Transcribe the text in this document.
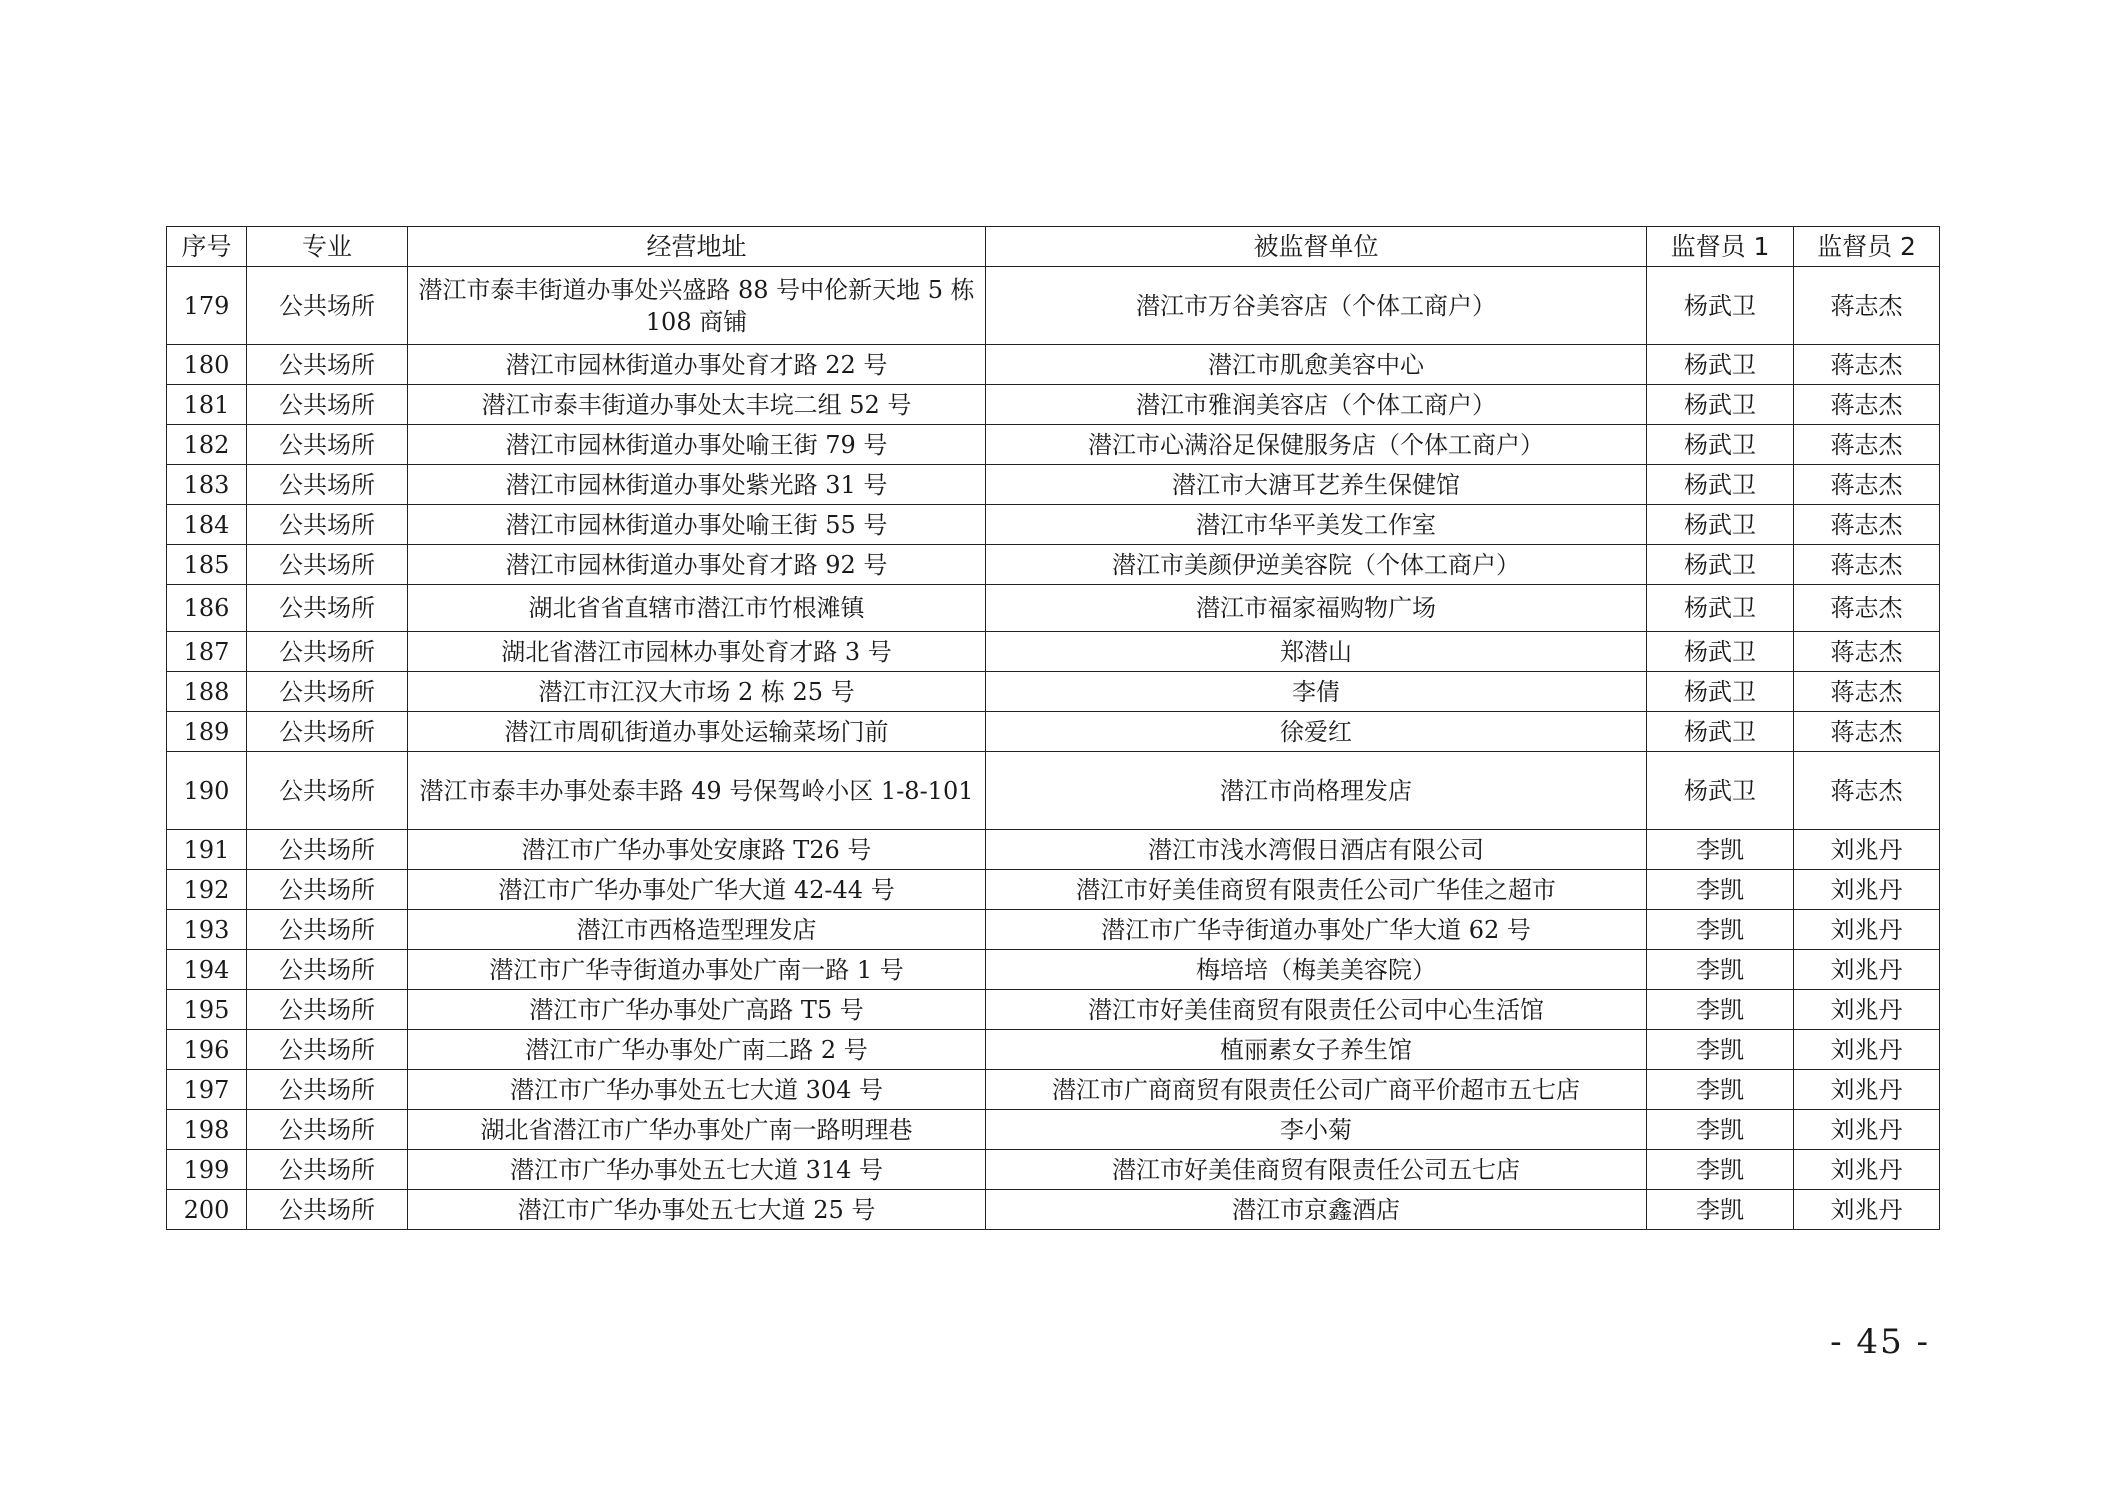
序号	专业	经营地址	被监督单位	监督员 1	监督员 2
179	公共场所	潜江市泰丰街道办事处兴盛路 88 号中伦新天地 5 栋 108 商铺	潜江市万谷美容店（个体工商户）	杨武卫	蒋志杰
180	公共场所	潜江市园林街道办事处育才路 22 号	潜江市肌愈美容中心	杨武卫	蒋志杰
181	公共场所	潜江市泰丰街道办事处太丰垸二组 52 号	潜江市雅润美容店（个体工商户）	杨武卫	蒋志杰
182	公共场所	潜江市园林街道办事处喻王街 79 号	潜江市心满浴足保健服务店（个体工商户）	杨武卫	蒋志杰
183	公共场所	潜江市园林街道办事处紫光路 31 号	潜江市大溏耳艺养生保健馆	杨武卫	蒋志杰
184	公共场所	潜江市园林街道办事处喻王街 55 号	潜江市华平美发工作室	杨武卫	蒋志杰
185	公共场所	潜江市园林街道办事处育才路 92 号	潜江市美颜伊逆美容院（个体工商户）	杨武卫	蒋志杰
186	公共场所	湖北省省直辖市潜江市竹根滩镇	潜江市福家福购物广场	杨武卫	蒋志杰
187	公共场所	湖北省潜江市园林办事处育才路 3 号	郑潜山	杨武卫	蒋志杰
188	公共场所	潜江市江汉大市场 2 栋 25 号	李倩	杨武卫	蒋志杰
189	公共场所	潜江市周矶街道办事处运输菜场门前	徐爱红	杨武卫	蒋志杰
190	公共场所	潜江市泰丰办事处泰丰路 49 号保驾岭小区 1-8-101	潜江市尚格理发店	杨武卫	蒋志杰
191	公共场所	潜江市广华办事处安康路 T26 号	潜江市浅水湾假日酒店有限公司	李凯	刘兆丹
192	公共场所	潜江市广华办事处广华大道 42-44 号	潜江市好美佳商贸有限责任公司广华佳之超市	李凯	刘兆丹
193	公共场所	潜江市西格造型理发店	潜江市广华寺街道办事处广华大道 62 号	李凯	刘兆丹
194	公共场所	潜江市广华寺街道办事处广南一路 1 号	梅培培（梅美美容院）	李凯	刘兆丹
195	公共场所	潜江市广华办事处广高路 T5 号	潜江市好美佳商贸有限责任公司中心生活馆	李凯	刘兆丹
196	公共场所	潜江市广华办事处广南二路 2 号	植丽素女子养生馆	李凯	刘兆丹
197	公共场所	潜江市广华办事处五七大道 304 号	潜江市广商商贸有限责任公司广商平价超市五七店	李凯	刘兆丹
198	公共场所	湖北省潜江市广华办事处广南一路明理巷	李小菊	李凯	刘兆丹
199	公共场所	潜江市广华办事处五七大道 314 号	潜江市好美佳商贸有限责任公司五七店	李凯	刘兆丹
200	公共场所	潜江市广华办事处五七大道 25 号	潜江市京鑫酒店	李凯	刘兆丹
- 45 -
